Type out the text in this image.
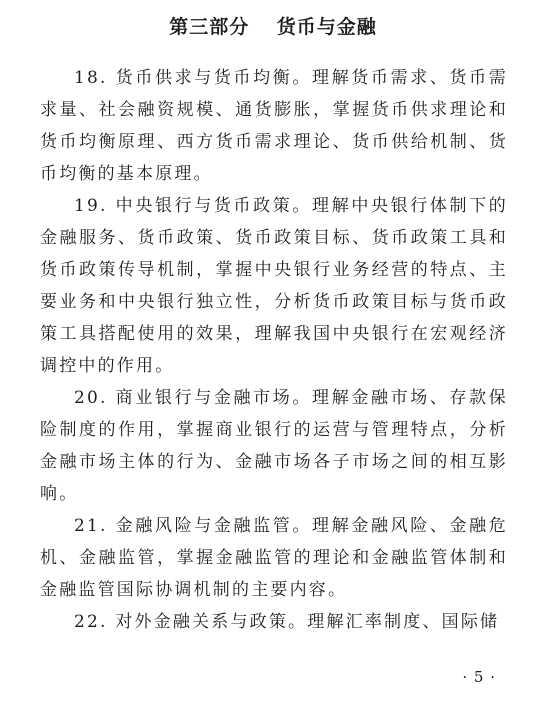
第三部分　 货币与金融

18. 货币供求与货币均衡。理解货币需求、货币需求量、社会融资规模、通货膨胀，掌握货币供求理论和货币均衡原理、西方货币需求理论、货币供给机制、货币均衡的基本原理。

19. 中央银行与货币政策。理解中央银行体制下的金融服务、货币政策、货币政策目标、货币政策工具和货币政策传导机制，掌握中央银行业务经营的特点、主要业务和中央银行独立性，分析货币政策目标与货币政策工具搭配使用的效果，理解我国中央银行在宏观经济调控中的作用。

20. 商业银行与金融市场。理解金融市场、存款保险制度的作用，掌握商业银行的运营与管理特点，分析金融市场主体的行为、金融市场各子市场之间的相互影响。

21. 金融风险与金融监管。理解金融风险、金融危机、金融监管，掌握金融监管的理论和金融监管体制和金融监管国际协调机制的主要内容。

22. 对外金融关系与政策。理解汇率制度、国际储

· 5 ·
